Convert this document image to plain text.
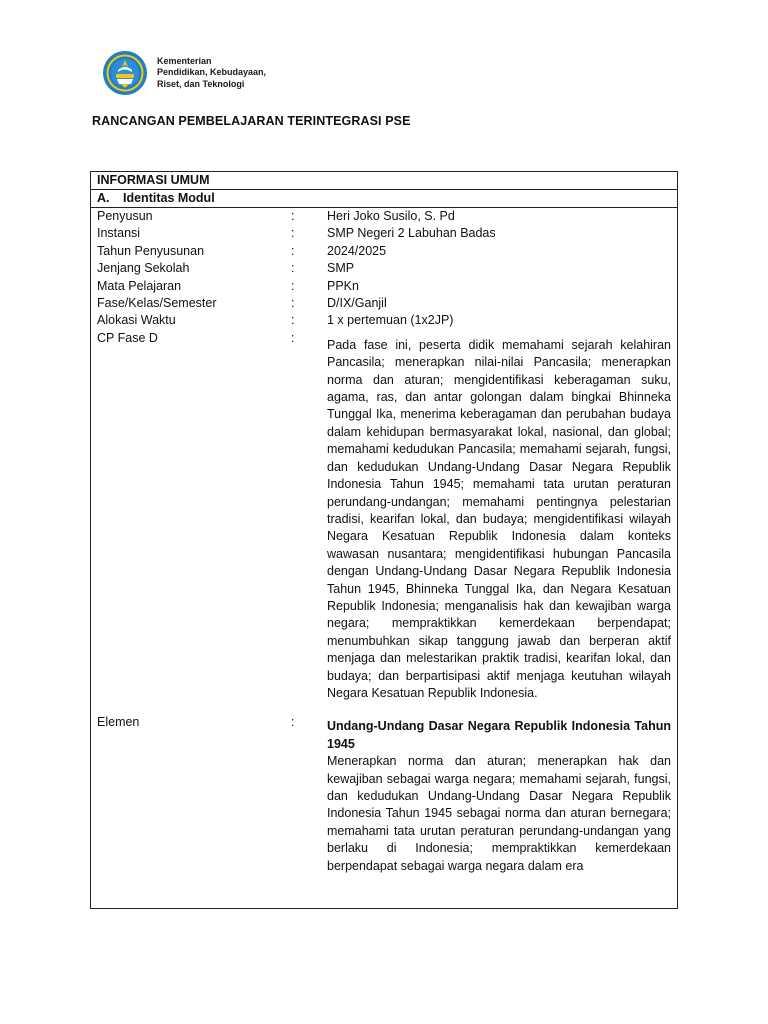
Kementerian
Pendidikan, Kebudayaan,
Riset, dan Teknologi
RANCANGAN PEMBELAJARAN TERINTEGRASI PSE
INFORMASI UMUM
A. Identitas Modul
Penyusun	:	Heri Joko Susilo, S. Pd
Instansi	:	SMP Negeri 2 Labuhan Badas
Tahun Penyusunan	:	2024/2025
Jenjang Sekolah	:	SMP
Mata Pelajaran	:	PPKn
Fase/Kelas/Semester	:	D/IX/Ganjil
Alokasi Waktu	:	1 x pertemuan (1x2JP)
CP Fase D	:	Pada fase ini, peserta didik memahami sejarah kelahiran Pancasila; menerapkan nilai-nilai Pancasila; menerapkan norma dan aturan; mengidentifikasi keberagaman suku, agama, ras, dan antar golongan dalam bingkai Bhinneka Tunggal Ika, menerima keberagaman dan perubahan budaya dalam kehidupan bermasyarakat lokal, nasional, dan global; memahami kedudukan Pancasila; memahami sejarah, fungsi, dan kedudukan Undang-Undang Dasar Negara Republik Indonesia Tahun 1945; memahami tata urutan peraturan perundang-undangan; memahami pentingnya pelestarian tradisi, kearifan lokal, dan budaya; mengidentifikasi wilayah Negara Kesatuan Republik Indonesia dalam konteks wawasan nusantara; mengidentifikasi hubungan Pancasila dengan Undang-Undang Dasar Negara Republik Indonesia Tahun 1945, Bhinneka Tunggal Ika, dan Negara Kesatuan Republik Indonesia; menganalisis hak dan kewajiban warga negara; mempraktikkan kemerdekaan berpendapat; menumbuhkan sikap tanggung jawab dan berperan aktif menjaga dan melestarikan praktik tradisi, kearifan lokal, dan budaya; dan berpartisipasi aktif menjaga keutuhan wilayah Negara Kesatuan Republik Indonesia.
Elemen	:	Undang-Undang Dasar Negara Republik Indonesia Tahun 1945
Menerapkan norma dan aturan; menerapkan hak dan kewajiban sebagai warga negara; memahami sejarah, fungsi, dan kedudukan Undang-Undang Dasar Negara Republik Indonesia Tahun 1945 sebagai norma dan aturan bernegara; memahami tata urutan peraturan perundang-undangan yang berlaku di Indonesia; mempraktikkan kemerdekaan berpendapat sebagai warga negara dalam era
